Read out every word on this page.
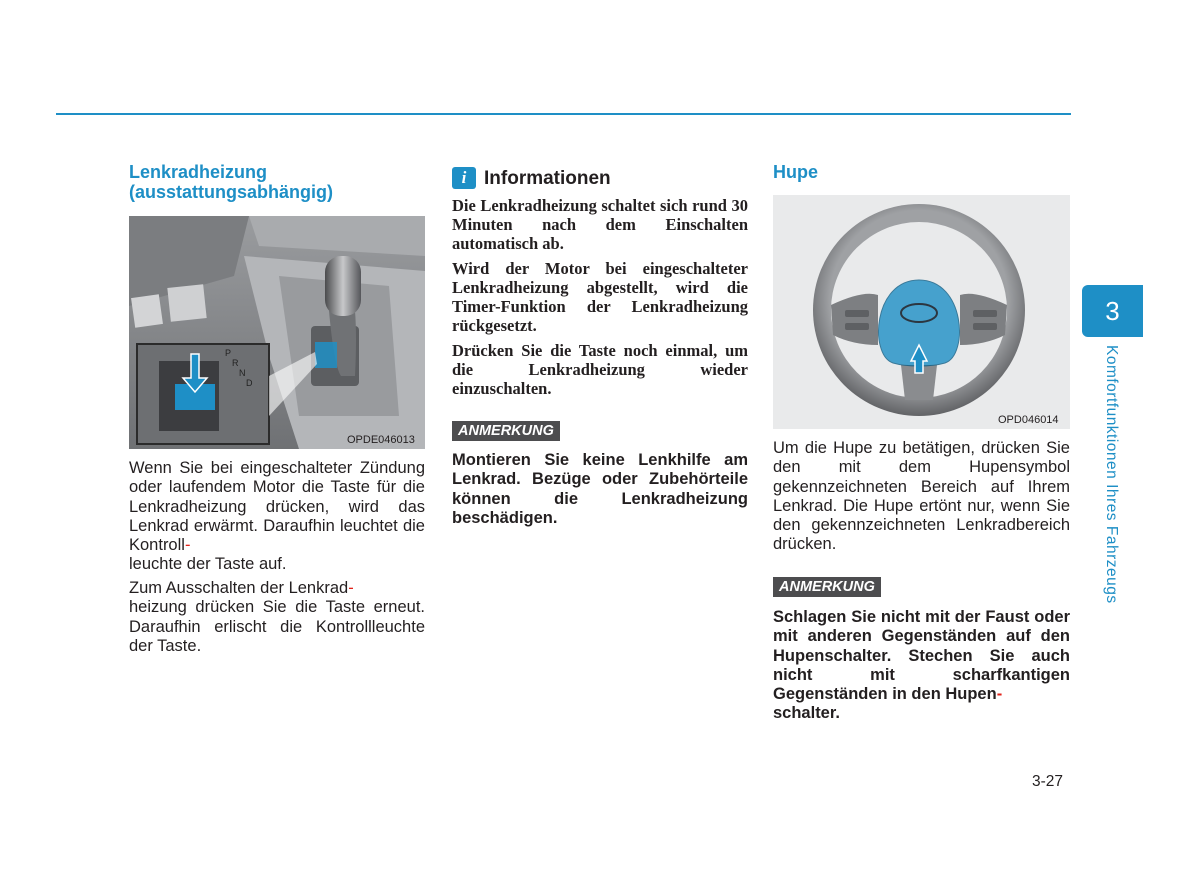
Lenkradheizung
(ausstattungsabhängig)
P
R
N
D
OPDE046013

Wenn Sie bei eingeschalteter Zündung oder laufendem Motor die Taste für die Lenkradheizung drücken, wird das Lenkrad erwärmt. Daraufhin leuchtet die Kontroll-
leuchte der Taste auf.

Zum Ausschalten der Lenkrad-
heizung drücken Sie die Taste erneut. Daraufhin erlischt die Kontrollleuchte der Taste.

i Informationen

Die Lenkradheizung schaltet sich rund 30 Minuten nach dem Einschalten automatisch ab.

Wird der Motor bei eingeschalteter Lenkradheizung abgestellt, wird die Timer-Funktion der Lenkradheizung rückgesetzt.

Drücken Sie die Taste noch einmal, um die Lenkradheizung wieder einzuschalten.

ANMERKUNG

Montieren Sie keine Lenkhilfe am Lenkrad. Bezüge oder Zubehörteile können die Lenkradheizung beschädigen.

Hupe
OPD046014

Um die Hupe zu betätigen, drücken Sie den mit dem Hupensymbol gekennzeichneten Bereich auf Ihrem Lenkrad. Die Hupe ertönt nur, wenn Sie den gekennzeichneten Lenkradbereich drücken.

ANMERKUNG

Schlagen Sie nicht mit der Faust oder mit anderen Gegenständen auf den Hupenschalter. Stechen Sie auch nicht mit scharfkantigen Gegenständen in den Hupen-
schalter.

3
Komfortfunktionen Ihres Fahrzeugs
3-27
